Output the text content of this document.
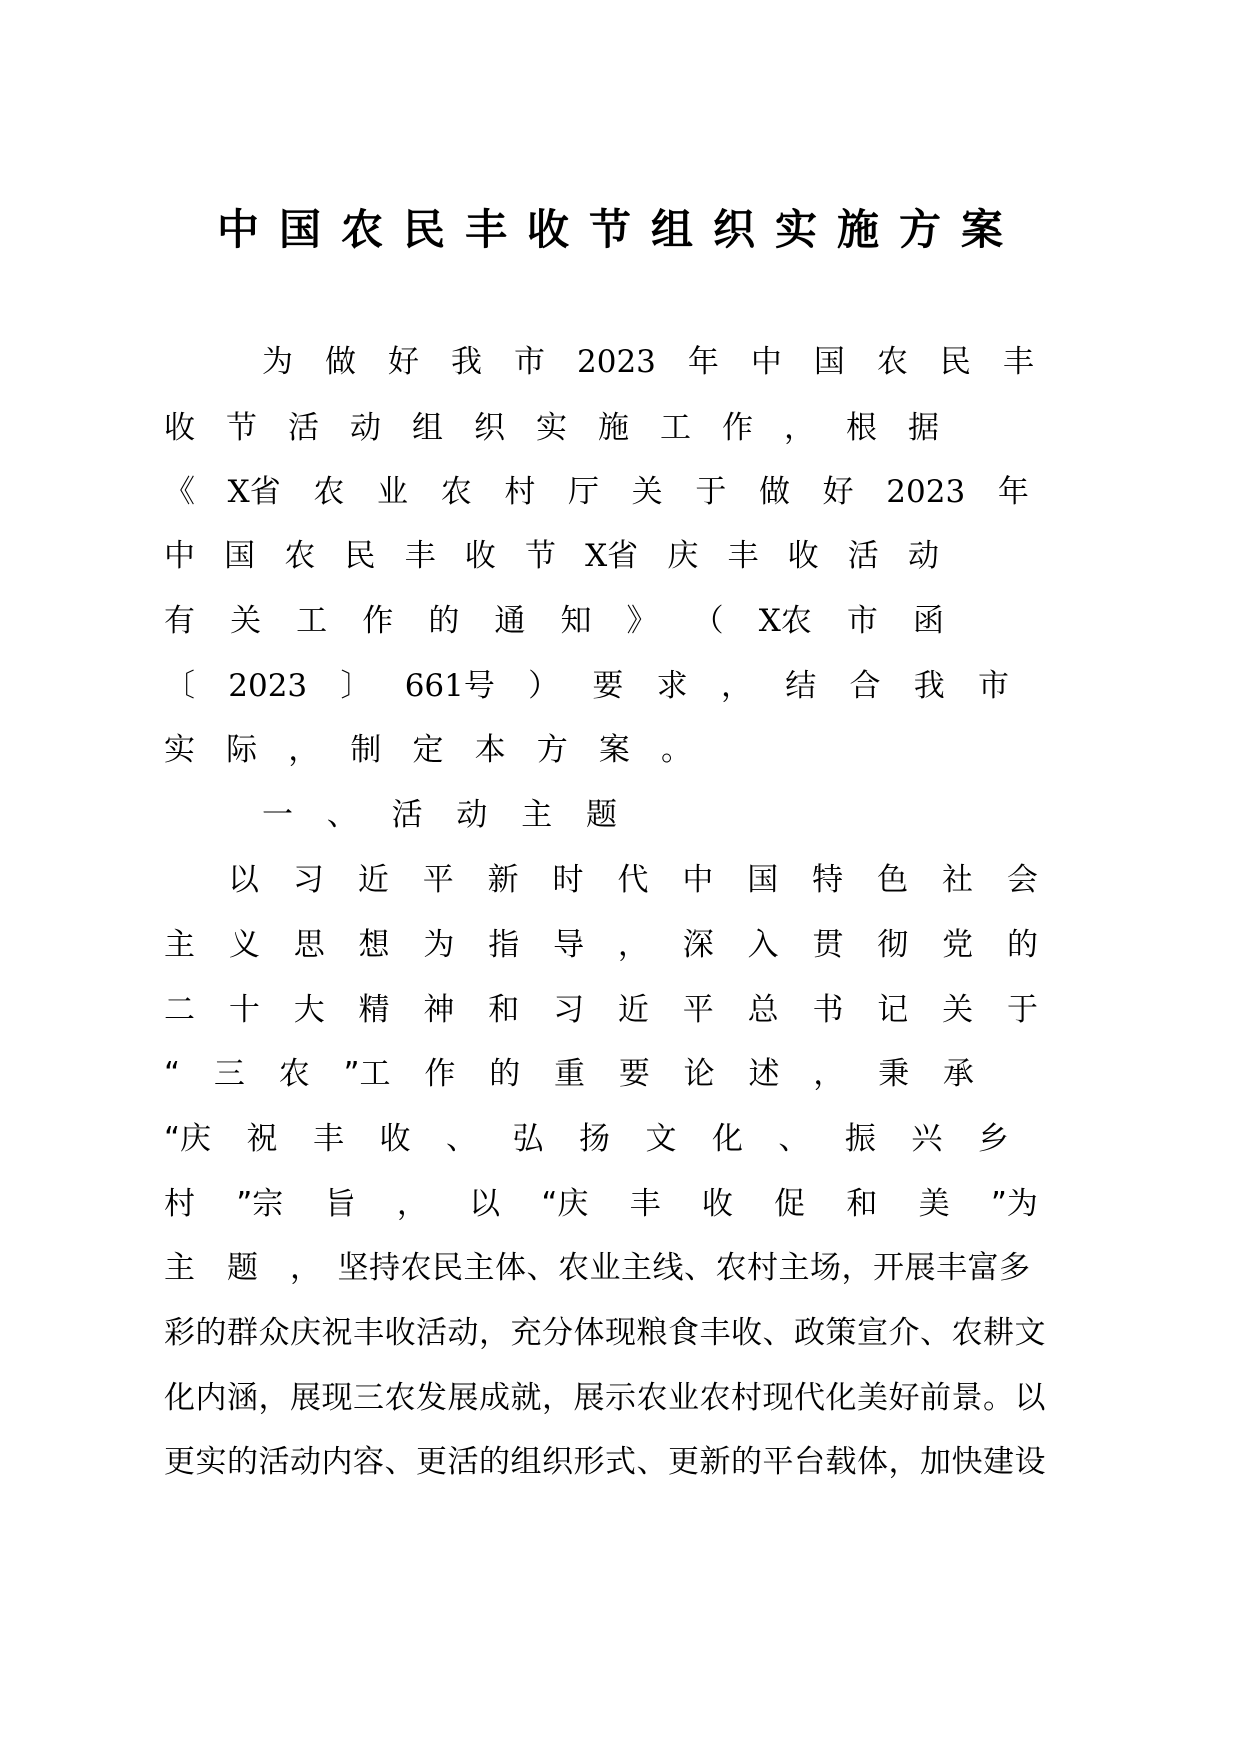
中国农民丰收节组织实施方案
为 做 好 我 市 2023 年 中 国 农 民 丰
收 节 活 动 组 织 实 施 工 作 ， 根 据
《 X省 农 业 农 村 厅 关 于 做 好 2023 年
中 国 农 民 丰 收 节 X省 庆 丰 收 活 动
有 关 工 作 的 通 知 》 （ X农 市 函
〔 2023 〕 661号 ） 要 求 ， 结 合 我 市
实 际 ， 制 定 本 方 案 。
一 、 活 动 主 题
以 习 近 平 新 时 代 中 国 特 色 社 会
主 义 思 想 为 指 导 ， 深 入 贯 彻 党 的
二 十 大 精 神 和 习 近 平 总 书 记 关 于
“ 三 农 ”工 作 的 重 要 论 述 ， 秉 承
“庆 祝 丰 收 、 弘 扬 文 化 、 振 兴 乡
村 ”宗 旨 ， 以 “庆 丰 收 促 和 美 ”为
主　题　，　坚持农民主体、农业主线、农村主场，开展丰富多
彩的群众庆祝丰收活动，充分体现粮食丰收、政策宣介、农耕文
化内涵，展现三农发展成就，展示农业农村现代化美好前景。以
更实的活动内容、更活的组织形式、更新的平台载体，加快建设
